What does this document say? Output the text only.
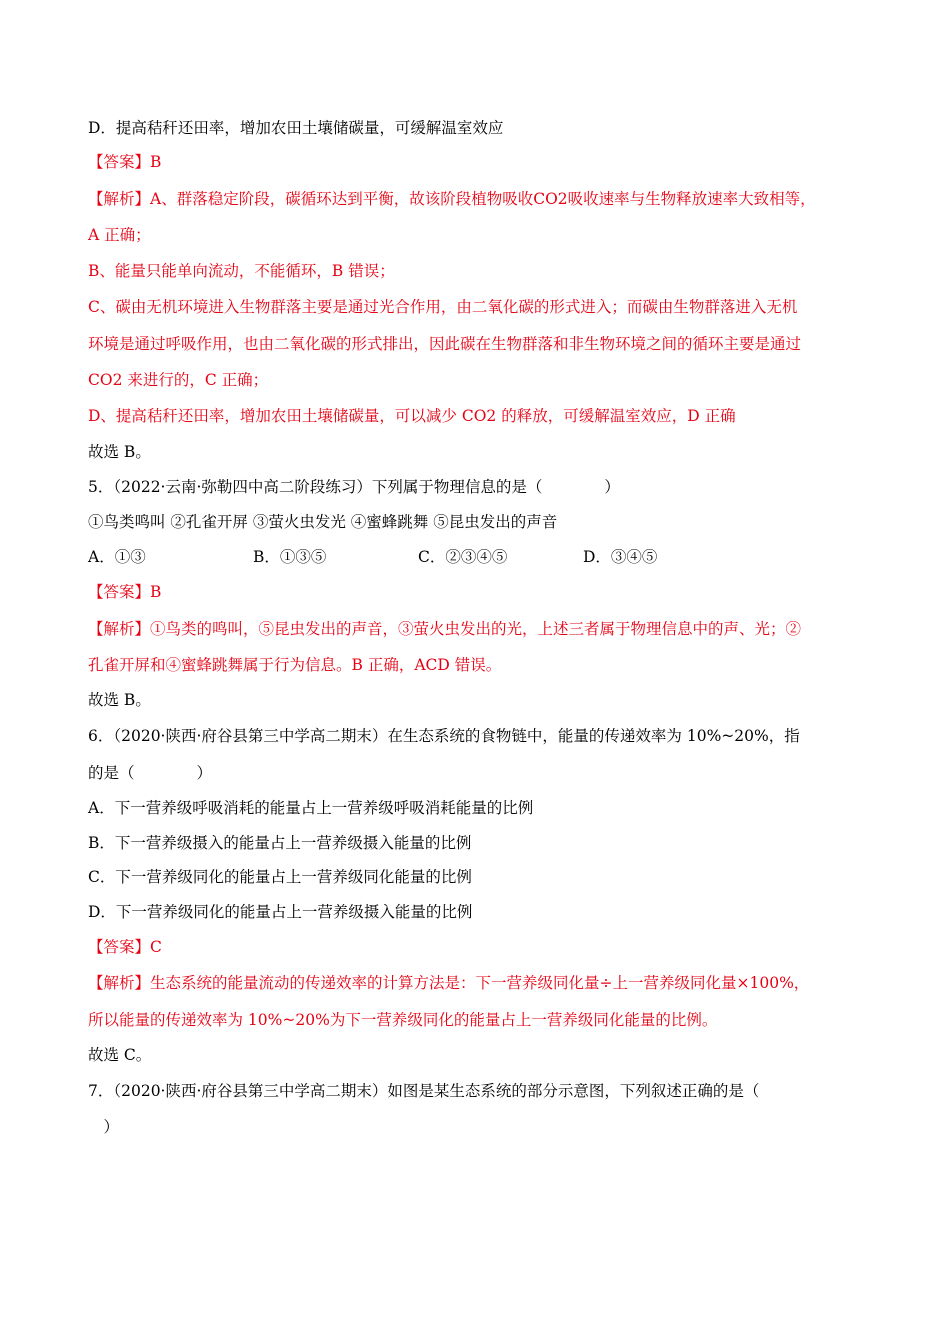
D．提高秸秆还田率，增加农田土壤储碳量，可缓解温室效应
【答案】B
【解析】A、群落稳定阶段，碳循环达到平衡，故该阶段植物吸收CO2吸收速率与生物释放速率大致相等，
A 正确；
B、能量只能单向流动，不能循环，B 错误；
C、碳由无机环境进入生物群落主要是通过光合作用，由二氧化碳的形式进入；而碳由生物群落进入无机
环境是通过呼吸作用，也由二氧化碳的形式排出，因此碳在生物群落和非生物环境之间的循环主要是通过
CO2 来进行的，C 正确；
D、提高秸秆还田率，增加农田土壤储碳量，可以减少 CO2 的释放，可缓解温室效应，D 正确
故选 B。
5．（2022·云南·弥勒四中高二阶段练习）下列属于物理信息的是（　　　　）
①鸟类鸣叫 ②孔雀开屏 ③萤火虫发光 ④蜜蜂跳舞 ⑤昆虫发出的声音
A．①③	B．①③⑤	C．②③④⑤	D．③④⑤
【答案】B
【解析】①鸟类的鸣叫，⑤昆虫发出的声音，③萤火虫发出的光，上述三者属于物理信息中的声、光；②
孔雀开屏和④蜜蜂跳舞属于行为信息。B 正确，ACD 错误。
故选 B。
6．（2020·陕西·府谷县第三中学高二期末）在生态系统的食物链中，能量的传递效率为 10%~20%，指
的是（　　　　）
A．下一营养级呼吸消耗的能量占上一营养级呼吸消耗能量的比例
B．下一营养级摄入的能量占上一营养级摄入能量的比例
C．下一营养级同化的能量占上一营养级同化能量的比例
D．下一营养级同化的能量占上一营养级摄入能量的比例
【答案】C
【解析】生态系统的能量流动的传递效率的计算方法是：下一营养级同化量÷上一营养级同化量×100%，
所以能量的传递效率为 10%~20%为下一营养级同化的能量占上一营养级同化能量的比例。
故选 C。
7．（2020·陕西·府谷县第三中学高二期末）如图是某生态系统的部分示意图，下列叙述正确的是（
　）
